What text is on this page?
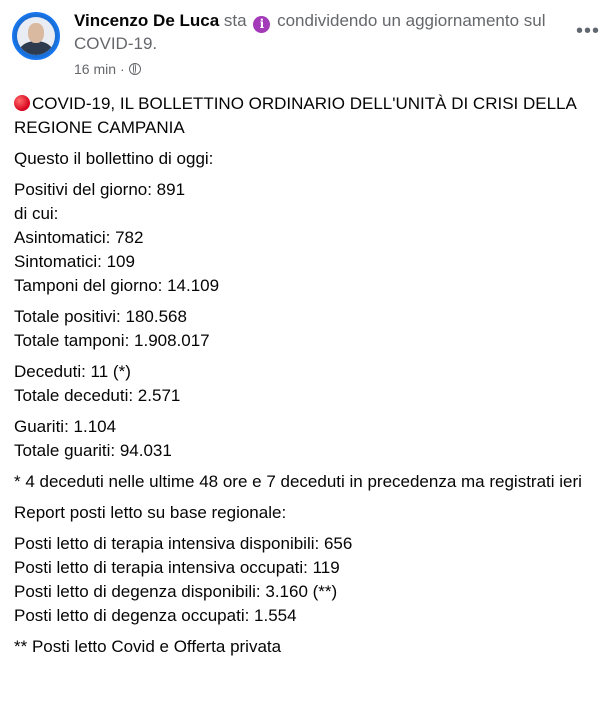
Vincenzo De Luca sta i condividendo un aggiornamento sul COVID-19.
16 min ·
•••

COVID-19, IL BOLLETTINO ORDINARIO DELL'UNITÀ DI CRISI DELLA REGIONE CAMPANIA

Questo il bollettino di oggi:

Positivi del giorno: 891
di cui:
Asintomatici: 782
Sintomatici: 109
Tamponi del giorno: 14.109

Totale positivi: 180.568
Totale tamponi: 1.908.017

Deceduti: 11 (*)
Totale deceduti: 2.571

Guariti: 1.104
Totale guariti: 94.031

* 4 deceduti nelle ultime 48 ore e 7 deceduti in precedenza ma registrati ieri

Report posti letto su base regionale:

Posti letto di terapia intensiva disponibili: 656
Posti letto di terapia intensiva occupati: 119
Posti letto di degenza disponibili: 3.160 (**)
Posti letto di degenza occupati: 1.554

** Posti letto Covid e Offerta privata
